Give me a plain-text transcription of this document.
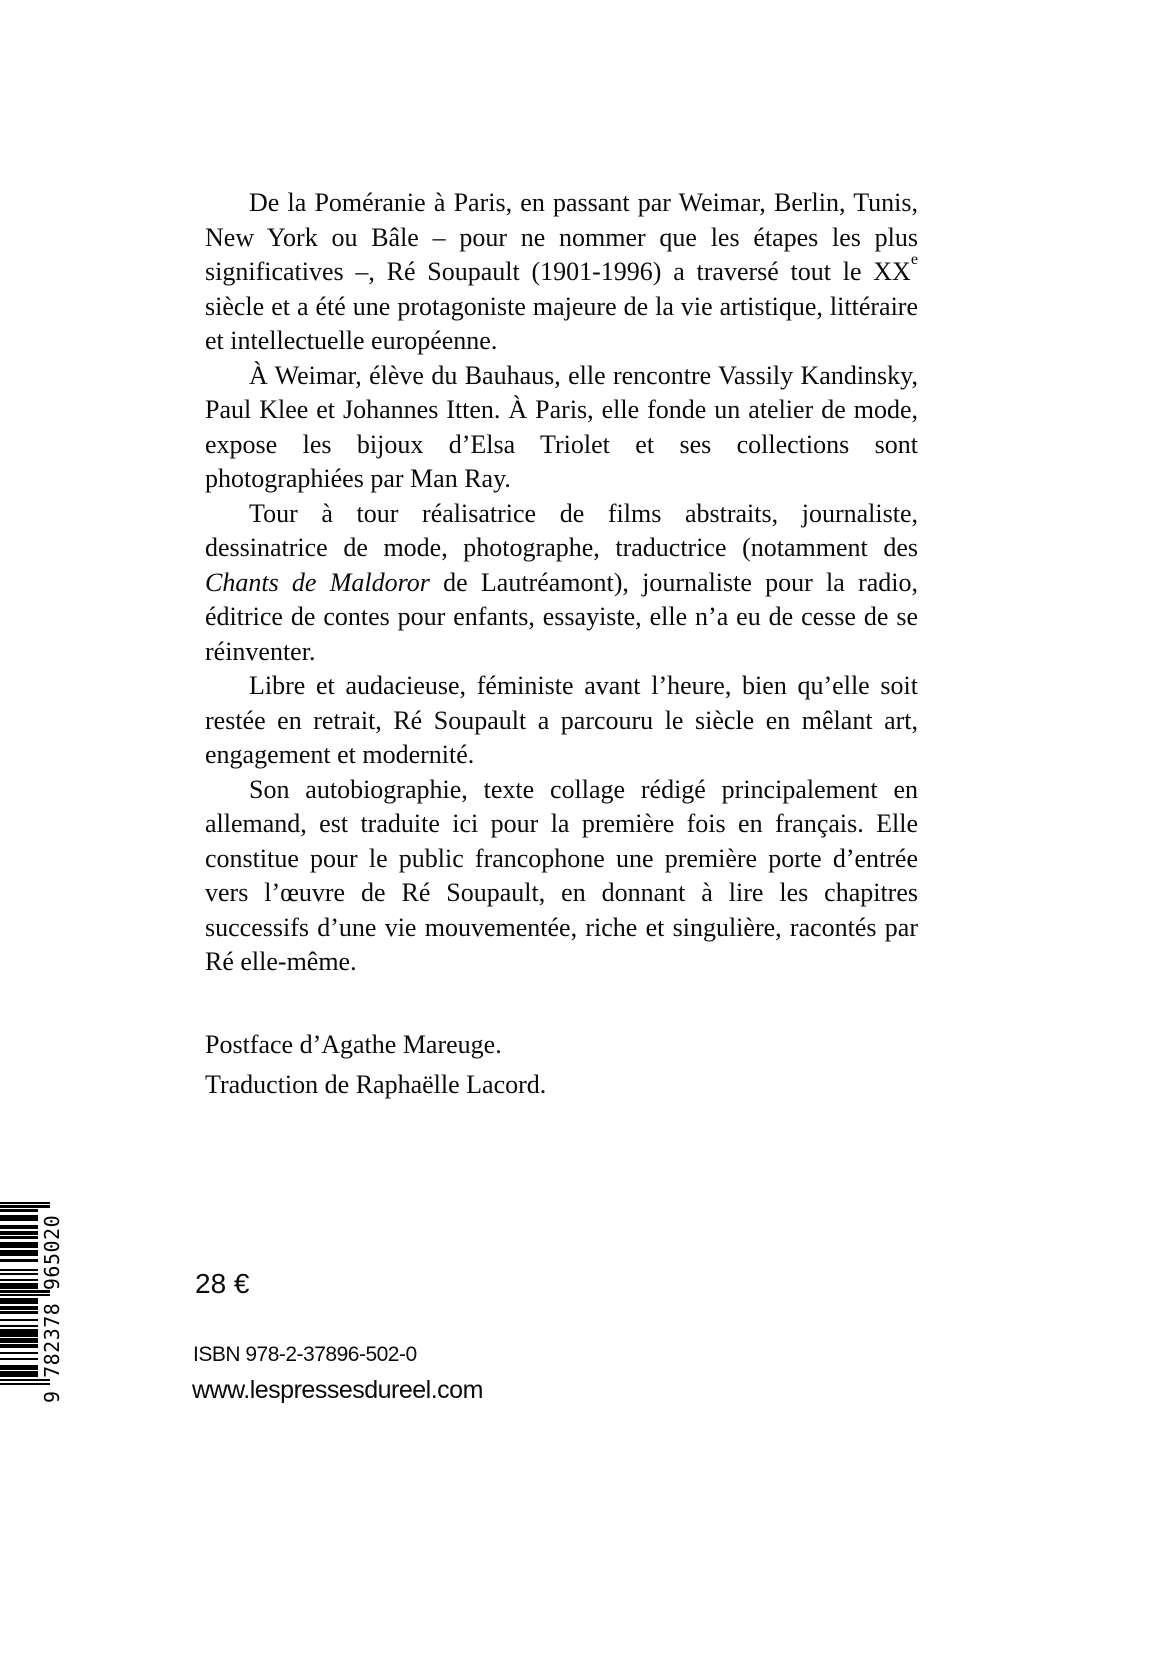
De la Poméranie à Paris, en passant par Weimar, Berlin, Tunis, New York ou Bâle – pour ne nommer que les étapes les plus significatives –, Ré Soupault (1901-1996) a traversé tout le XXe siècle et a été une protagoniste majeure de la vie artistique, littéraire et intellectuelle européenne.

À Weimar, élève du Bauhaus, elle rencontre Vassily Kandinsky, Paul Klee et Johannes Itten. À Paris, elle fonde un atelier de mode, expose les bijoux d’Elsa Triolet et ses collections sont photographiées par Man Ray.

Tour à tour réalisatrice de films abstraits, journaliste, dessinatrice de mode, photographe, traductrice (notamment des Chants de Maldoror de Lautréamont), journaliste pour la radio, éditrice de contes pour enfants, essayiste, elle n’a eu de cesse de se réinventer.

Libre et audacieuse, féministe avant l’heure, bien qu’elle soit restée en retrait, Ré Soupault a parcouru le siècle en mêlant art, engagement et modernité.

Son autobiographie, texte collage rédigé principalement en allemand, est traduite ici pour la première fois en français. Elle constitue pour le public francophone une première porte d’entrée vers l’œuvre de Ré Soupault, en donnant à lire les chapitres successifs d’une vie mouvementée, riche et singulière, racontés par Ré elle-même.

Postface d’Agathe Mareuge.

Traduction de Raphaëlle Lacord.

9 782378 965020	28 €
ISBN 978-2-37896-502-0
www.lespressesdureel.com
